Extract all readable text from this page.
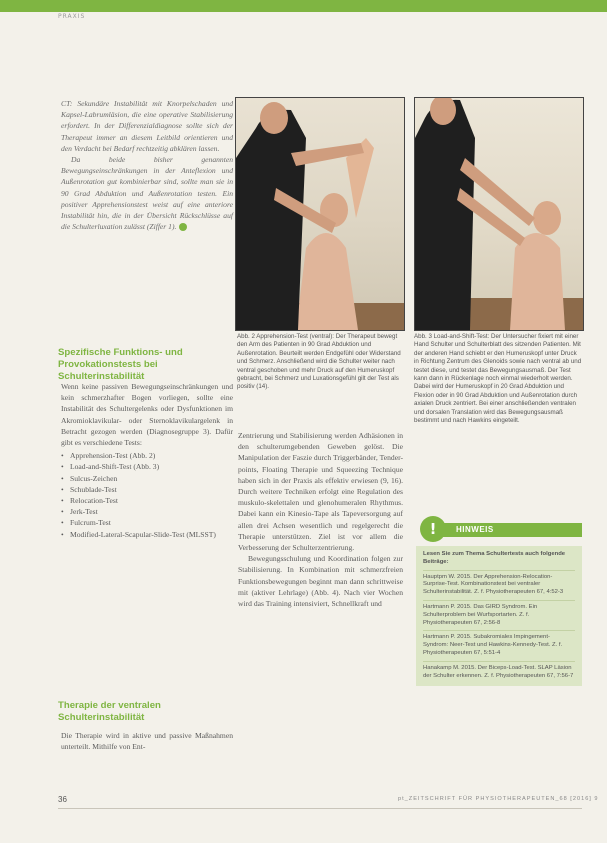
PRAXIS

CT: Sekundäre Instabilität mit Knorpelschaden und Kapsel-Labrumläsion, die eine operative Stabilisierung erfordert. In der Differenzialdiagnose sollte sich der Therapeut immer an diesem Leitbild orientieren und den Verdacht bei Bedarf rechtzeitig abklären lassen.

Da beide bisher genannten Bewegungseinschränkungen in der Anteflexion und Außenrotation gut kombinierbar sind, sollte man sie in 90 Grad Abduktion und Außenrotation testen. Ein positiver Apprehensionstest weist auf eine anteriore Instabilität hin, die in der Übersicht Rückschlüsse auf die Schulterluxation zulässt (Ziffer 1).

Spezifische Funktions- und Provokationstests bei Schulterinstabilität

Wenn keine passiven Bewegungseinschränkungen und kein schmerzhafter Bogen vorliegen, sollte eine Instabilität des Schultergelenks oder Dysfunktionen im Akromioklavikular- oder Sternoklavikulargelenk in Betracht gezogen werden (Diagnosegruppe 3). Dafür gibt es verschiedene Tests:

• Apprehension-Test (Abb. 2)
• Load-and-Shift-Test (Abb. 3)
• Sulcus-Zeichen
• Schublade-Test
• Relocation-Test
• Jerk-Test
• Fulcrum-Test
• Modified-Lateral-Scapular-Slide-Test (MLSST)
Therapie der ventralen Schulterinstabilität

Die Therapie wird in aktive und passive Maßnahmen unterteilt. Mithilfe von Ent-

Abb. 2 Apprehension-Test (ventral): Der Therapeut bewegt den Arm des Patienten in 90 Grad Abduktion und Außenrotation. Beurteilt werden Endgefühl oder Widerstand und Schmerz. Anschließend wird die Schulter weiter nach ventral geschoben und mehr Druck auf den Humeruskopf gebracht, bei Schmerz und Luxationsgefühl gilt der Test als positiv (14).
Abb. 3 Load-and-Shift-Test: Der Untersucher fixiert mit einer Hand Schulter und Schulterblatt des sitzenden Patienten. Mit der anderen Hand schiebt er den Humeruskopf unter Druck in Richtung Zentrum des Glenoids sowie nach ventral ab und testet diese, und testet das Bewegungsausmaß. Der Test kann dann in Rückenlage noch einmal wiederholt werden. Dabei wird der Humeruskopf in 20 Grad Abduktion und Flexion oder in 90 Grad Abduktion und Außenrotation durch axialen Druck zentriert. Bei einer anschließenden ventralen und dorsalen Translation wird das Bewegungsausmaß bestimmt und nach Hawkins eingeteilt.

Zentrierung und Stabilisierung werden Adhäsionen in den schulterumgebenden Geweben gelöst. Die Manipulation der Faszie durch Triggerbänder, Tender-points, Floating Therapie und Squeezing Technique haben sich in der Praxis als effektiv erwiesen (9, 16). Durch weitere Techniken erfolgt eine Regulation des muskulo-skelettalen und glenohumeralen Rhythmus. Dabei kann ein Kinesio-Tape als Tapeversorgung auf allen drei Achsen wesentlich und regelgerecht die Therapie unterstützen. Ziel ist vor allem die Verbesserung der Schulterzentrierung.

Bewegungsschulung und Koordination folgen zur Stabilisierung. In Kombination mit schmerzfreien Funktionsbewegungen beginnt man dann schrittweise mit (aktiver Lehrlage) (Abb. 4). Nach vier Wochen wird das Training intensiviert, Schnellkraft und

!	HINWEIS
Lesen Sie zum Thema Schultertests auch folgende Beiträge:
Hauptpm W. 2015. Der Apprehension-Relocation-Surprise-Test. Kombinationstest bei ventraler Schulterinstabilität. Z. f. Physiotherapeuten 67, 4:52-3
Hartmann P. 2015. Das GIRD Syndrom. Ein Schulterproblem bei Wurfsportarten. Z. f. Physiotherapeuten 67, 2:56-8
Hartmann P. 2015. Subakromiales Impingement-Syndrom: Neer-Test und Hawkins-Kennedy-Test. Z. f. Physiotherapeuten 67, 5:51-4
Hanakamp M. 2015. Der Biceps-Load-Test. SLAP Läsion der Schulter erkennen. Z. f. Physiotherapeuten 67, 7:56-7
36	pt_ZEITSCHRIFT FÜR PHYSIOTHERAPEUTEN_68 [2016] 9
